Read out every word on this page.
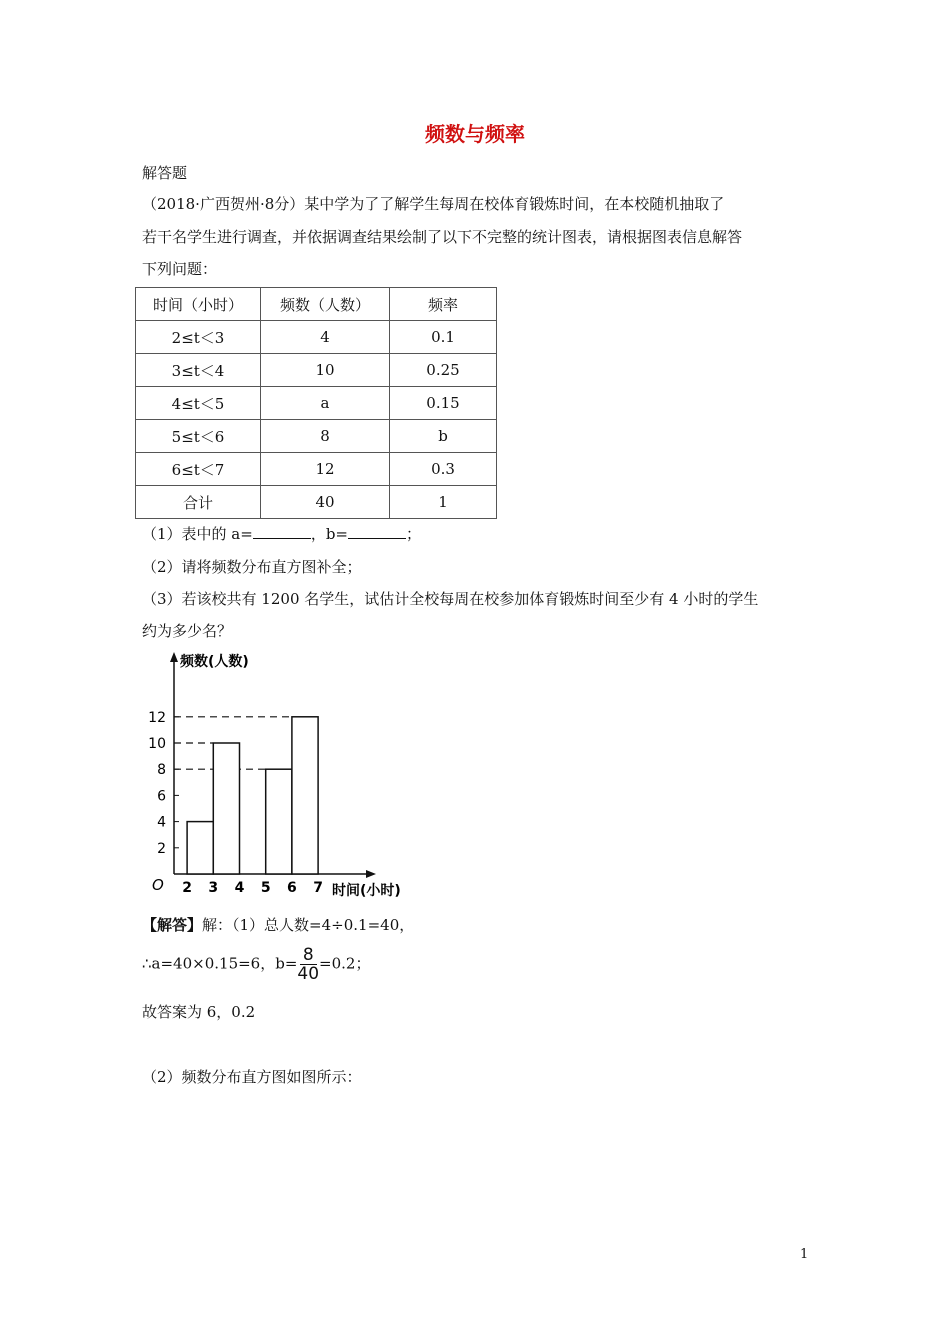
频数与频率
解答题
（2018·广西贺州·8分）某中学为了了解学生每周在校体育锻炼时间，在本校随机抽取了
若干名学生进行调查，并依据调查结果绘制了以下不完整的统计图表，请根据图表信息解答
下列问题：
时间（小时）	频数（人数）	频率
2≤t＜3	4	0.1
3≤t＜4	10	0.25
4≤t＜5	a	0.15
5≤t＜6	8	b
6≤t＜7	12	0.3
合计	40	1
（1）表中的 a=	，b=	；
（2）请将频数分布直方图补全；
（3）若该校共有 1200 名学生，试估计全校每周在校参加体育锻炼时间至少有 4 小时的学生
约为多少名？
频数(人数)
时间(小时)
O
2
4
6
8
10
12
2 3 4 5 6 7
【解答】解：（1）总人数=4÷0.1=40，
∴a=40×0.15=6，$b= \frac{8}{40} =0.2$；
故答案为 6，0.2
（2）频数分布直方图如图所示：
1
